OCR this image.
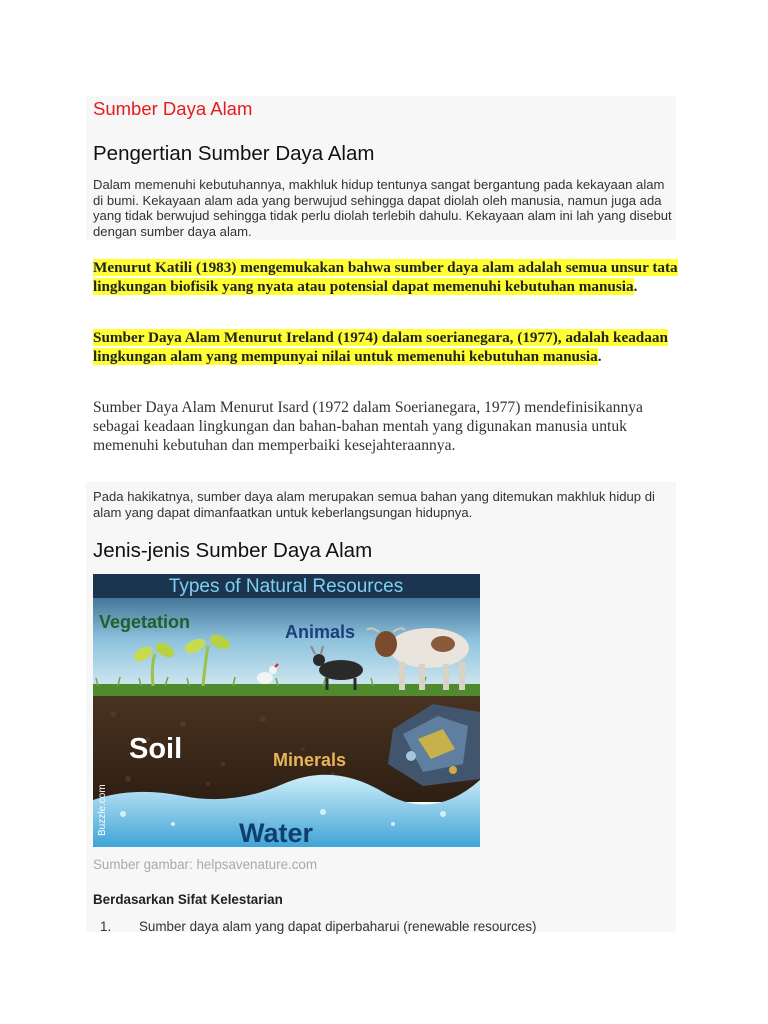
Sumber Daya Alam
Pengertian Sumber Daya Alam
Dalam memenuhi kebutuhannya, makhluk hidup tentunya sangat bergantung pada kekayaan alam di bumi. Kekayaan alam ada yang berwujud sehingga dapat diolah oleh manusia, namun juga ada yang tidak berwujud sehingga tidak perlu diolah terlebih dahulu. Kekayaan alam ini lah yang disebut dengan sumber daya alam.
Menurut Katili (1983) mengemukakan bahwa sumber daya alam adalah semua unsur tata lingkungan biofisik yang nyata atau potensial dapat memenuhi kebutuhan manusia.
Sumber Daya Alam Menurut Ireland (1974) dalam soerianegara, (1977), adalah keadaan lingkungan alam yang mempunyai nilai untuk memenuhi kebutuhan manusia.
Sumber Daya Alam Menurut Isard (1972 dalam Soerianegara, 1977) mendefinisikannya sebagai keadaan lingkungan dan bahan-bahan mentah yang digunakan manusia untuk memenuhi kebutuhan dan memperbaiki kesejahteraannya.
Pada hakikatnya, sumber daya alam merupakan semua bahan yang ditemukan makhluk hidup di alam yang dapat dimanfaatkan untuk keberlangsungan hidupnya.
Jenis-jenis Sumber Daya Alam
Types of Natural Resources
Vegetation	Animals
Soil	Minerals
Water
Buzzle.com
Sumber gambar: helpsavenature.com
Berdasarkan Sifat Kelestarian
1. Sumber daya alam yang dapat diperbaharui (renewable resources)
